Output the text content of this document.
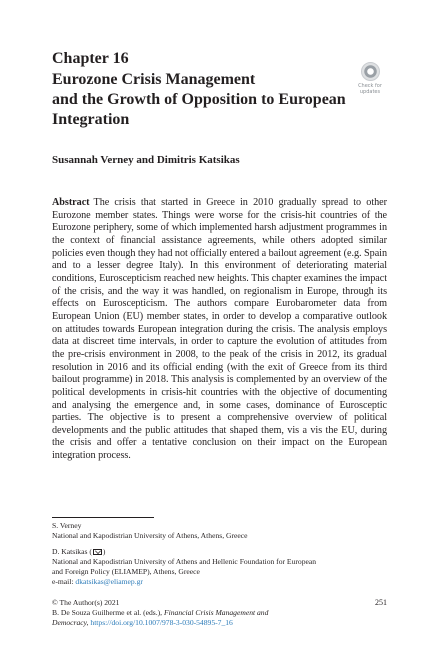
Chapter 16
Eurozone Crisis Management
and the Growth of Opposition to European
Integration
Check for
updates
Susannah Verney and Dimitris Katsikas
Abstract The crisis that started in Greece in 2010 gradually spread to other Eurozone member states. Things were worse for the crisis-hit countries of the Eurozone periphery, some of which implemented harsh adjustment programmes in the context of financial assistance agreements, while others adopted similar policies even though they had not officially entered a bailout agreement (e.g. Spain and to a lesser degree Italy). In this environment of deteriorating material conditions, Euroscepticism reached new heights. This chapter examines the impact of the crisis, and the way it was handled, on regionalism in Europe, through its effects on Euroscepticism. The authors compare Eurobarometer data from European Union (EU) member states, in order to develop a comparative outlook on attitudes towards European integration during the crisis. The analysis employs data at discreet time intervals, in order to capture the evolution of attitudes from the pre-crisis environment in 2008, to the peak of the crisis in 2012, its gradual resolution in 2016 and its official ending (with the exit of Greece from its third bailout programme) in 2018. This analysis is complemented by an overview of the political developments in crisis-hit countries with the objective of documenting and analysing the emergence and, in some cases, dominance of Eurosceptic parties. The objective is to present a comprehensive overview of political developments and the public attitudes that shaped them, vis a vis the EU, during the crisis and offer a tentative conclusion on their impact on the European integration process.
S. Verney
National and Kapodistrian University of Athens, Athens, Greece
D. Katsikas ( )
National and Kapodistrian University of Athens and Hellenic Foundation for European
and Foreign Policy (ELIAMEP), Athens, Greece
e-mail: dkatsikas@eliamep.gr
© The Author(s) 2021	251
B. De Souza Guilherme et al. (eds.), Financial Crisis Management and
Democracy, https://doi.org/10.1007/978-3-030-54895-7_16
